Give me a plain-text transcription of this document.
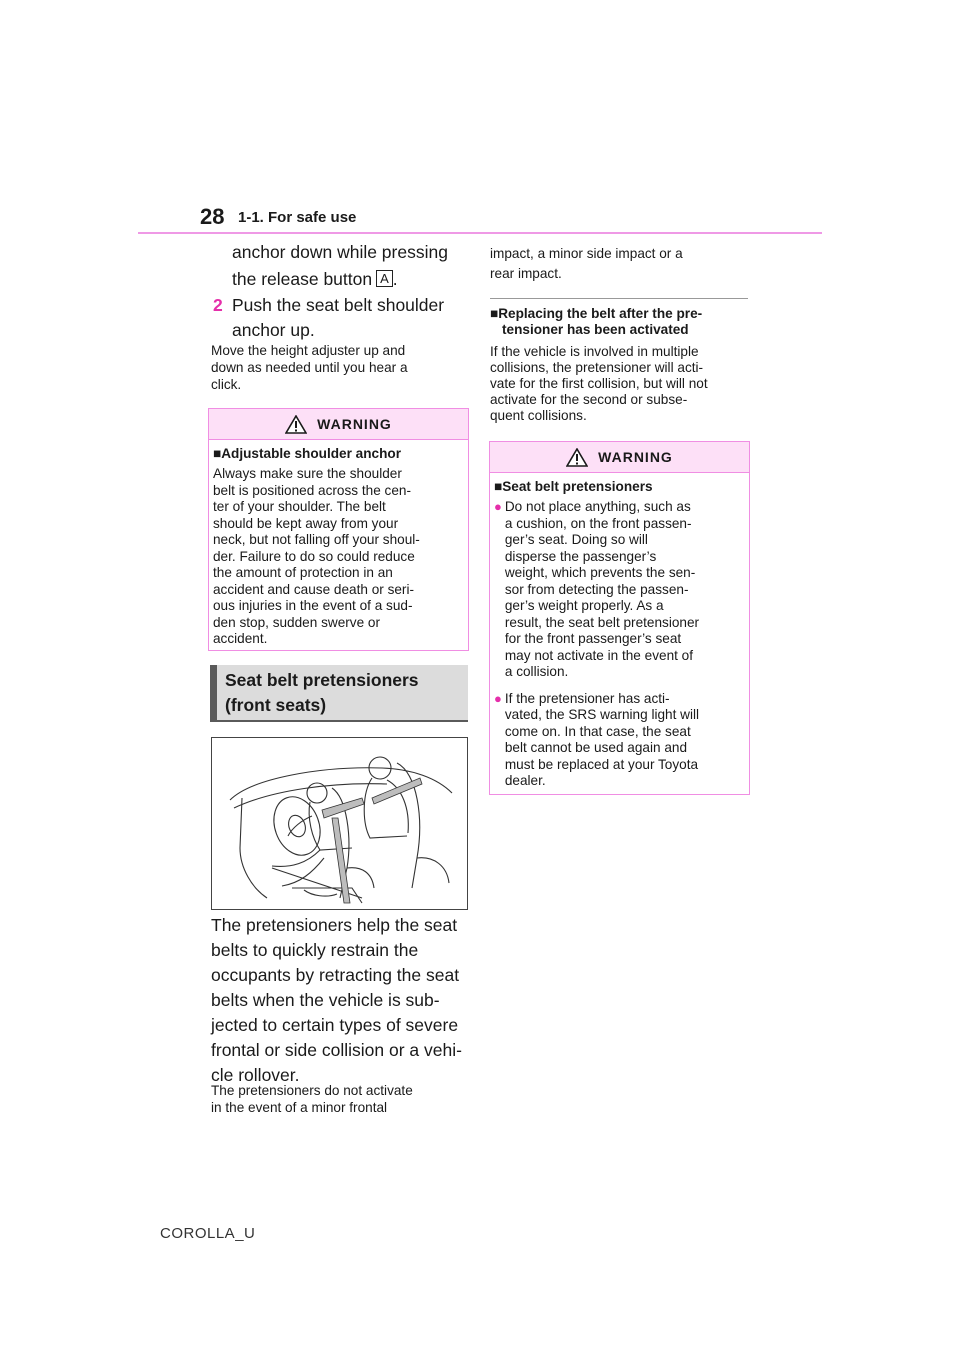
28 1-1. For safe use
anchor down while pressing
the release button A .
2 Push the seat belt shoulder
anchor up.
Move the height adjuster up and
down as needed until you hear a
click.
WARNING

■Adjustable shoulder anchor

Always make sure the shoulder
belt is positioned across the cen-
ter of your shoulder. The belt
should be kept away from your
neck, but not falling off your shoul-
der. Failure to do so could reduce
the amount of protection in an
accident and cause death or seri-
ous injuries in the event of a sud-
den stop, sudden swerve or
accident.

Seat belt pretensioners
(front seats)
The pretensioners help the seat
belts to quickly restrain the
occupants by retracting the seat
belts when the vehicle is sub-
jected to certain types of severe
frontal or side collision or a vehi-
cle rollover.
The pretensioners do not activate
in the event of a minor frontal
impact, a minor side impact or a
rear impact.
■Replacing the belt after the pre-
tensioner has been activated
If the vehicle is involved in multiple
collisions, the pretensioner will acti-
vate for the first collision, but will not
activate for the second or subse-
quent collisions.
WARNING

■Seat belt pretensioners

● Do not place anything, such as
a cushion, on the front passen-
ger’s seat. Doing so will
disperse the passenger’s
weight, which prevents the sen-
sor from detecting the passen-
ger’s weight properly. As a
result, the seat belt pretensioner
for the front passenger’s seat
may not activate in the event of
a collision.

● If the pretensioner has acti-
vated, the SRS warning light will
come on. In that case, the seat
belt cannot be used again and
must be replaced at your Toyota
dealer.

COROLLA_U
